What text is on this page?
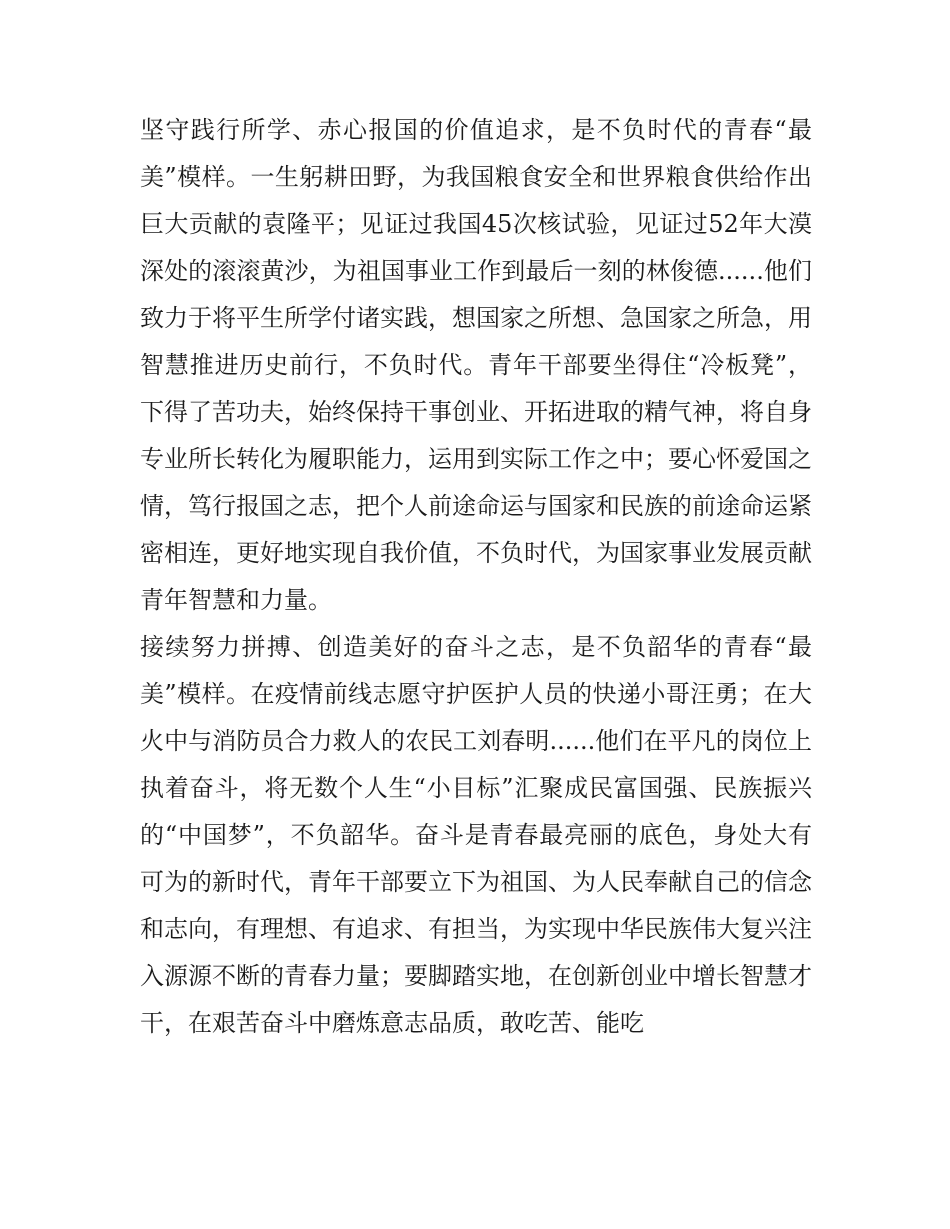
坚守践行所学、赤心报国的价值追求，是不负时代的青春“最美”模样。一生躬耕田野，为我国粮食安全和世界粮食供给作出巨大贡献的袁隆平；见证过我国45次核试验，见证过52年大漠深处的滚滚黄沙，为祖国事业工作到最后一刻的林俊德......他们致力于将平生所学付诸实践，想国家之所想、急国家之所急，用智慧推进历史前行，不负时代。青年干部要坐得住“冷板凳”，下得了苦功夫，始终保持干事创业、开拓进取的精气神，将自身专业所长转化为履职能力，运用到实际工作之中；要心怀爱国之情，笃行报国之志，把个人前途命运与国家和民族的前途命运紧密相连，更好地实现自我价值，不负时代，为国家事业发展贡献青年智慧和力量。

接续努力拼搏、创造美好的奋斗之志，是不负韶华的青春“最美”模样。在疫情前线志愿守护医护人员的快递小哥汪勇；在大火中与消防员合力救人的农民工刘春明......他们在平凡的岗位上执着奋斗，将无数个人生“小目标”汇聚成民富国强、民族振兴的“中国梦”，不负韶华。奋斗是青春最亮丽的底色，身处大有可为的新时代，青年干部要立下为祖国、为人民奉献自己的信念和志向，有理想、有追求、有担当，为实现中华民族伟大复兴注入源源不断的青春力量；要脚踏实地，在创新创业中增长智慧才干，在艰苦奋斗中磨炼意志品质，敢吃苦、能吃
